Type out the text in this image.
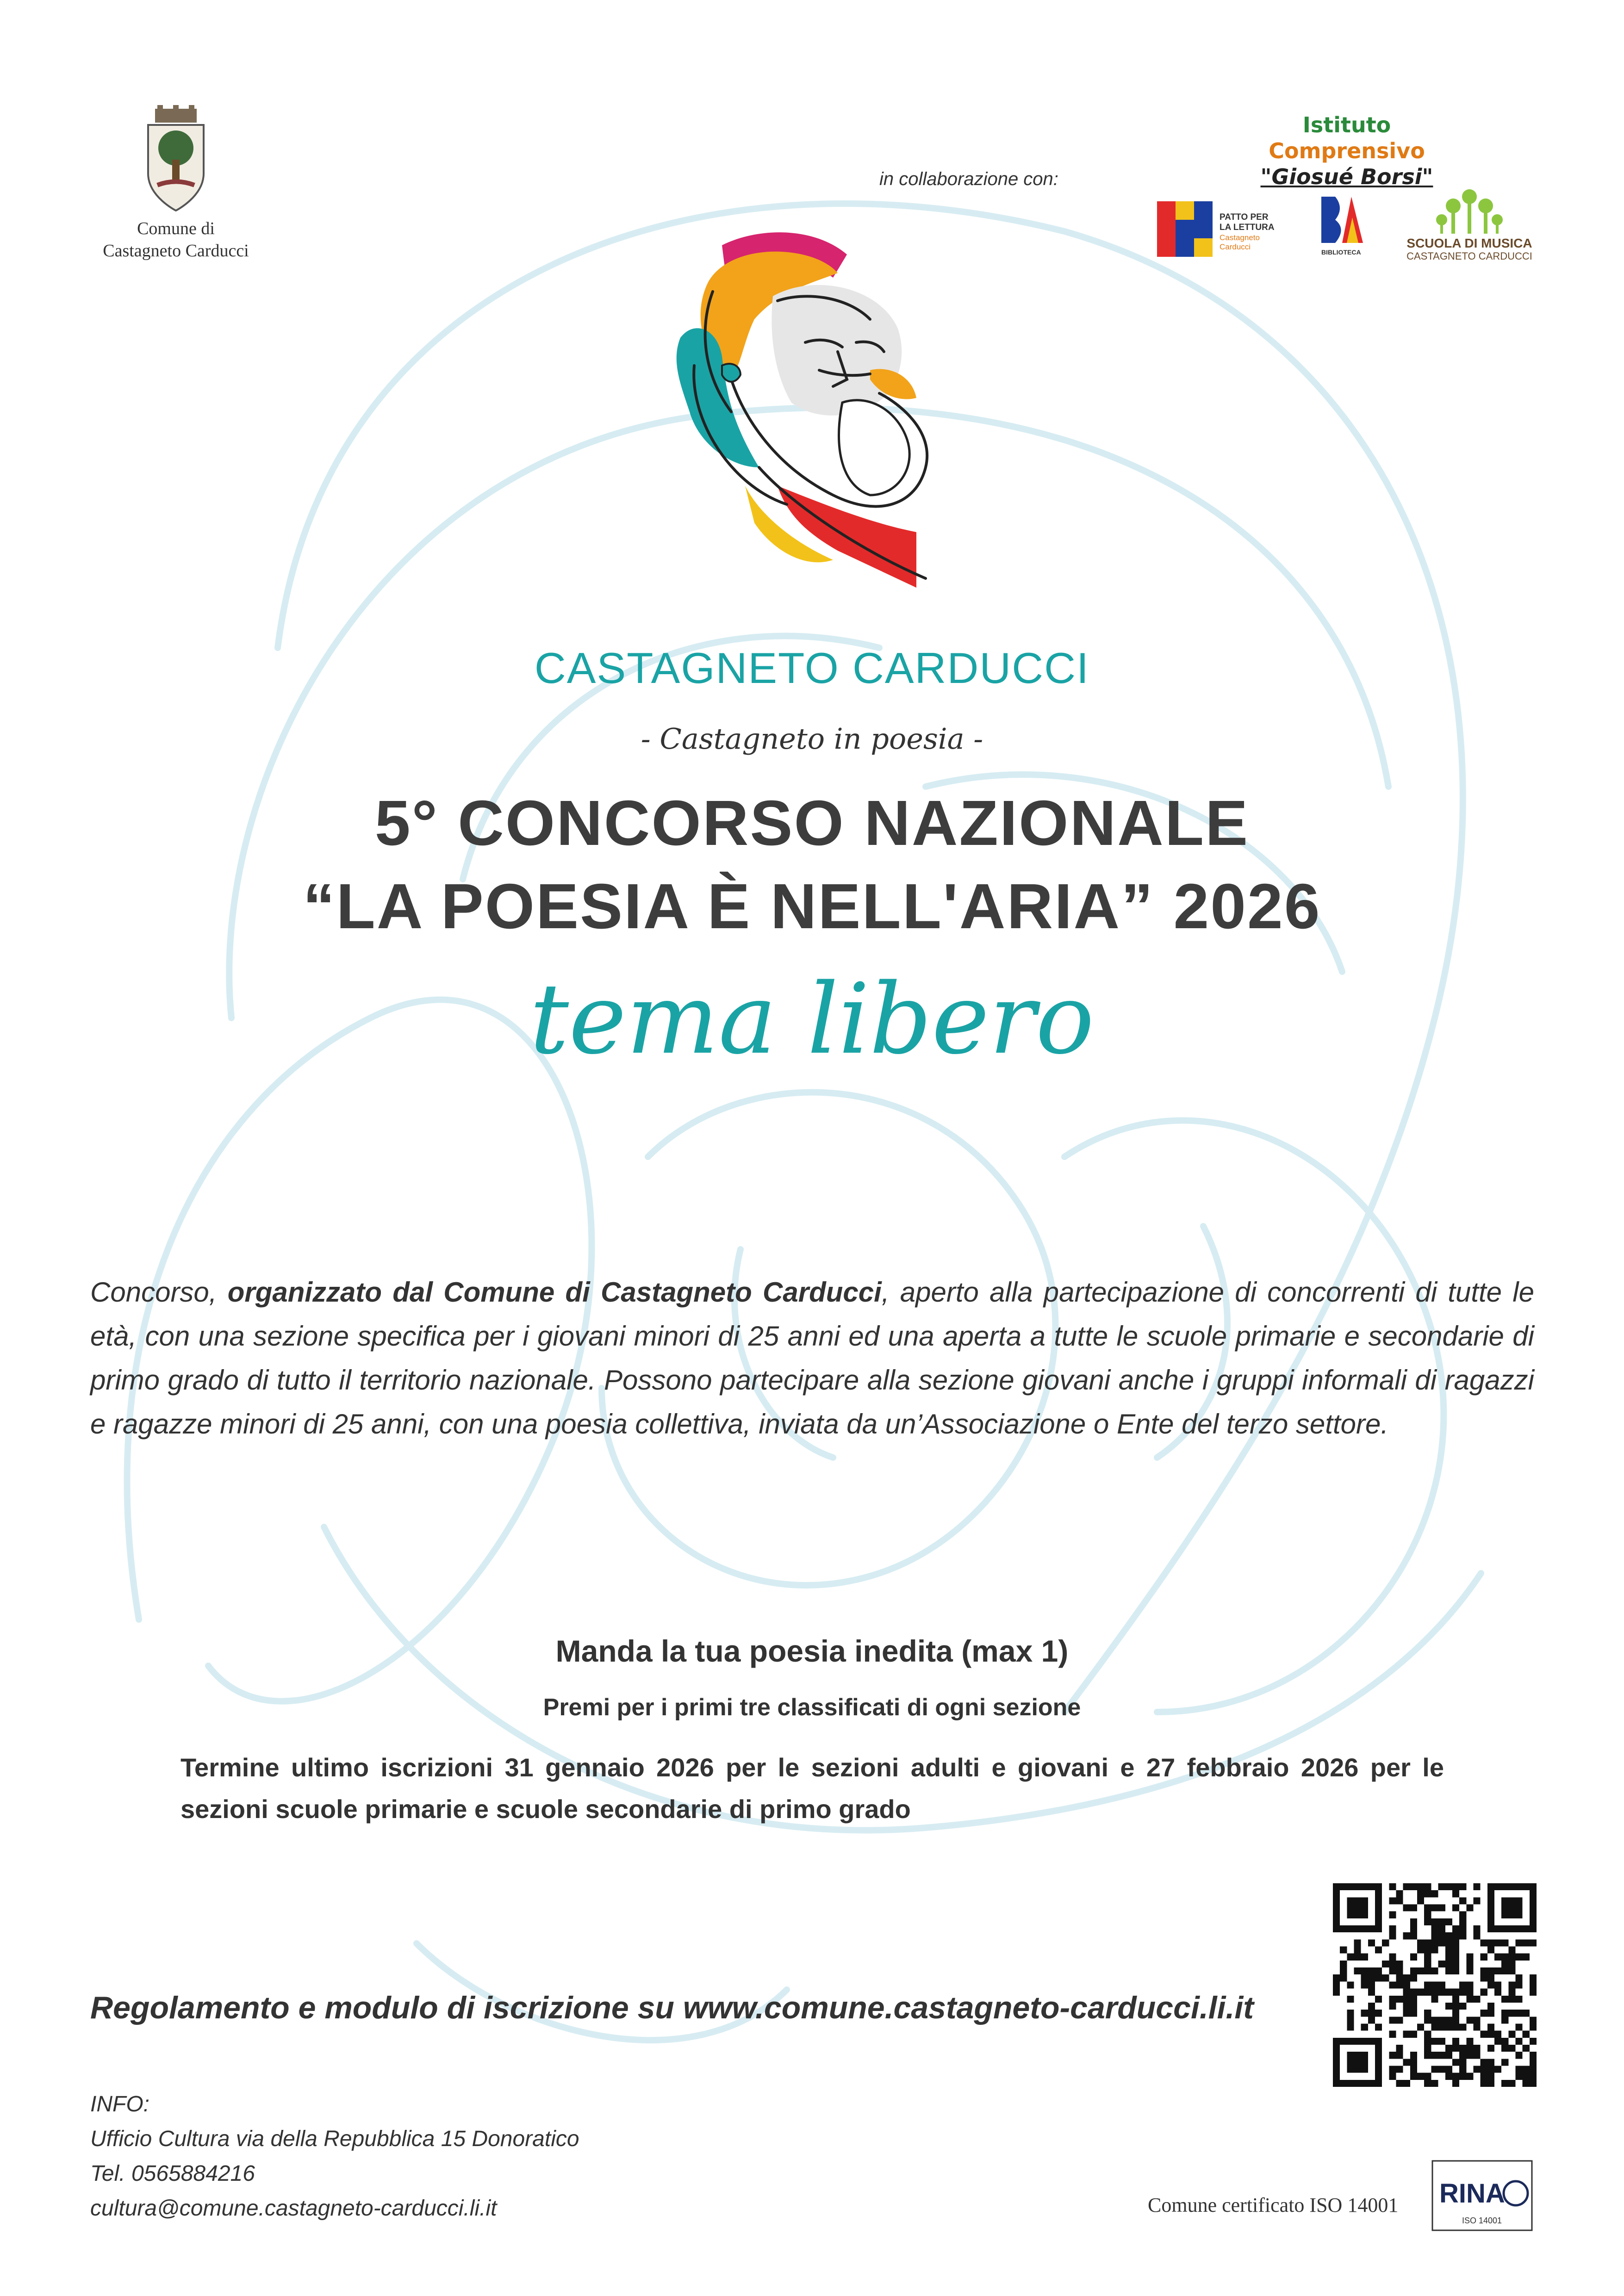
Comune di
Castagneto Carducci
in collaborazione con:
Istituto Comprensivo
"Giosué Borsi"
PATTO PER
LA LETTURA
Castagneto
Carducci
BIBLIOTECA
SCUOLA DI MUSICA
CASTAGNETO CARDUCCI
CASTAGNETO CARDUCCI
- Castagneto in poesia -
5° CONCORSO NAZIONALE
“LA POESIA È NELL'ARIA” 2026
tema libero
Concorso, organizzato dal Comune di Castagneto Carducci, aperto alla partecipazione di concorrenti di tutte le età, con una sezione specifica per i giovani minori di 25 anni ed una aperta a tutte le scuole primarie e secondarie di primo grado di tutto il territorio nazionale. Possono partecipare alla sezione giovani anche i gruppi informali di ragazzi e ragazze minori di 25 anni, con una poesia collettiva, inviata da un’Associazione o Ente del terzo settore.
Manda la tua poesia inedita (max 1)
Premi per i primi tre classificati di ogni sezione
Termine ultimo iscrizioni 31 gennaio 2026 per le sezioni adulti e giovani e 27 febbraio 2026 per le sezioni scuole primarie e scuole secondarie di primo grado
Regolamento e modulo di iscrizione su www.comune.castagneto-carducci.li.it
INFO:
Ufficio Cultura via della Repubblica 15 Donoratico
Tel. 0565884216
cultura@comune.castagneto-carducci.li.it	Comune certificato ISO 14001 RINA
ISO 14001
